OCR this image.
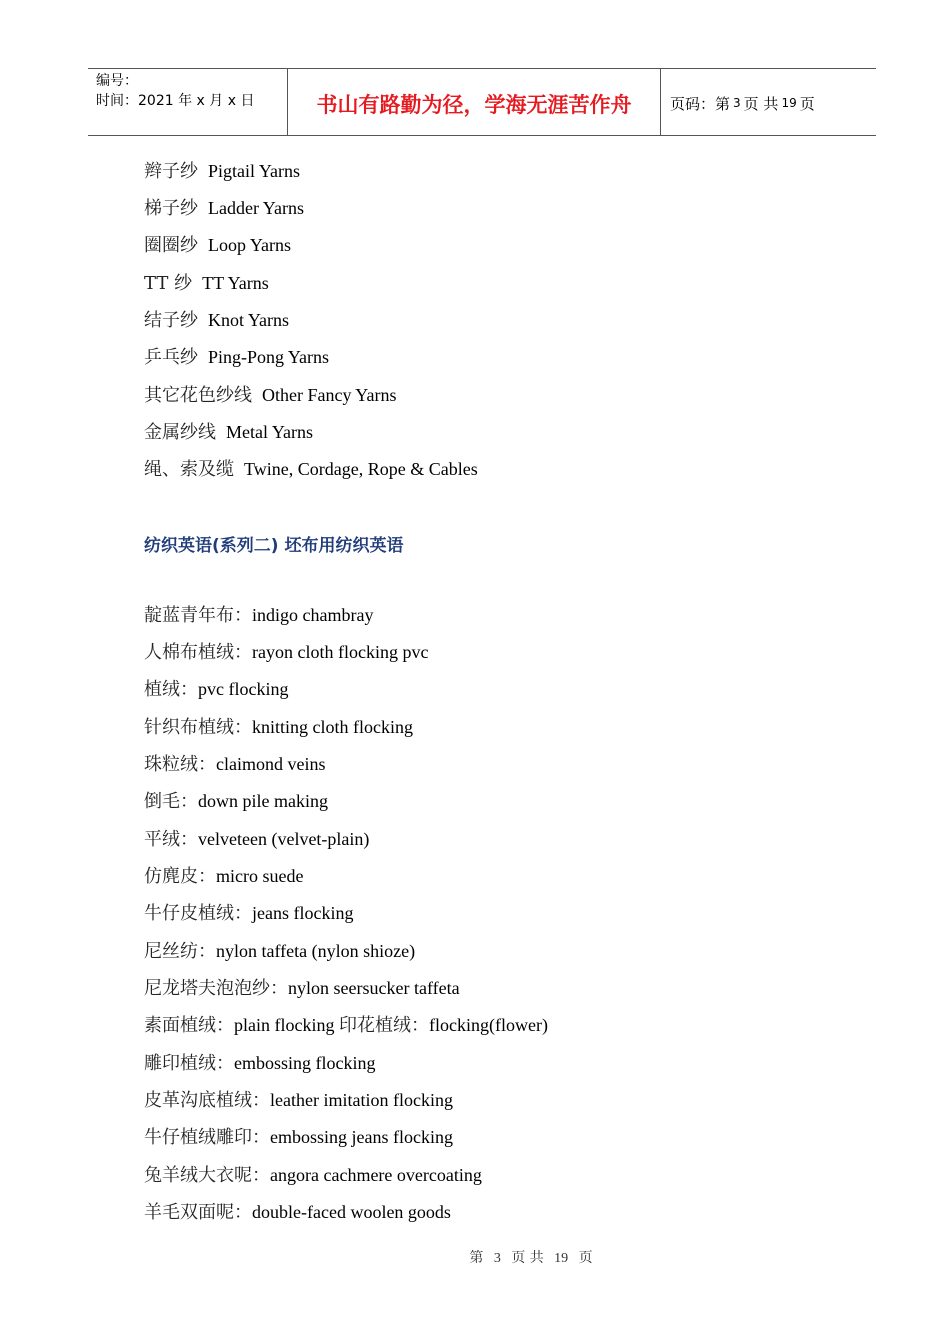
编号：
时间：2021 年 x 月 x 日	书山有路勤为径，学海无涯苦作舟	页码：第 3 页 共 19 页
辫子纱 Pigtail Yarns
梯子纱 Ladder Yarns
圈圈纱 Loop Yarns
TT 纱 TT Yarns
结子纱 Knot Yarns
乒乓纱 Ping-Pong Yarns
其它花色纱线 Other Fancy Yarns
金属纱线 Metal Yarns
绳、索及缆 Twine, Cordage, Rope & Cables
纺织英语(系列二) 坯布用纺织英语
靛蓝青年布：indigo chambray
人棉布植绒：rayon cloth flocking pvc
植绒：pvc flocking
针织布植绒：knitting cloth flocking
珠粒绒：claimond veins
倒毛：down pile making
平绒：velveteen (velvet-plain)
仿麂皮：micro suede
牛仔皮植绒：jeans flocking
尼丝纺：nylon taffeta (nylon shioze)
尼龙塔夫泡泡纱：nylon seersucker taffeta
素面植绒：plain flocking 印花植绒：flocking(flower)
雕印植绒：embossing flocking
皮革沟底植绒：leather imitation flocking
牛仔植绒雕印：embossing jeans flocking
兔羊绒大衣呢：angora cachmere overcoating
羊毛双面呢：double-faced woolen goods
第 3 页 共 19 页
